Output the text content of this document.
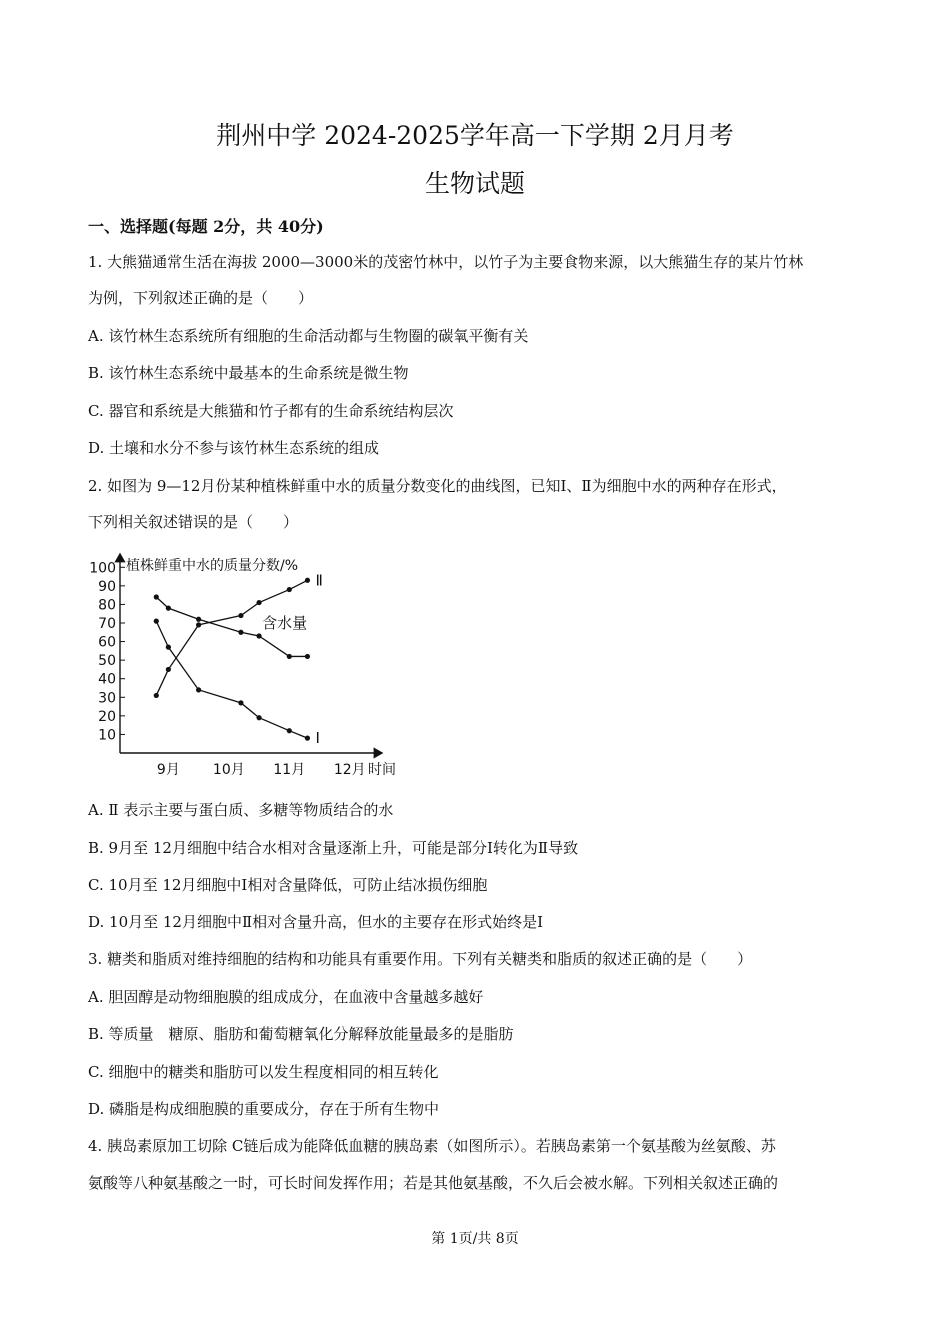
荆州中学 2024-2025学年高一下学期 2月月考
生物试题
一、选择题(每题 2分，共 40分)
1. 大熊猫通常生活在海拔 2000—3000米的茂密竹林中，以竹子为主要食物来源，以大熊猫生存的某片竹林
为例，下列叙述正确的是（　　）
A. 该竹林生态系统所有细胞的生命活动都与生物圈的碳氧平衡有关
B. 该竹林生态系统中最基本的生命系统是微生物
C. 器官和系统是大熊猫和竹子都有的生命系统结构层次
D. 土壤和水分不参与该竹林生态系统的组成
2. 如图为 9—12月份某种植株鲜重中水的质量分数变化的曲线图，已知Ⅰ、Ⅱ为细胞中水的两种存在形式，
下列相关叙述错误的是（　　）
植株鲜重中水的质量分数/%
时间
10
20
30
40
50
60
70
80
90
100
9月 10月 11月 12月
含水量
Ⅱ
Ⅰ
A. Ⅱ 表示主要与蛋白质、多糖等物质结合的水
B. 9月至 12月细胞中结合水相对含量逐渐上升，可能是部分Ⅰ转化为Ⅱ导致
C. 10月至 12月细胞中Ⅰ相对含量降低，可防止结冰损伤细胞
D. 10月至 12月细胞中Ⅱ相对含量升高，但水的主要存在形式始终是Ⅰ
3. 糖类和脂质对维持细胞的结构和功能具有重要作用。下列有关糖类和脂质的叙述正确的是（　　）
A. 胆固醇是动物细胞膜的组成成分，在血液中含量越多越好
B. 等质量　糖原、脂肪和葡萄糖氧化分解释放能量最多的是脂肪
C. 细胞中的糖类和脂肪可以发生程度相同的相互转化
D. 磷脂是构成细胞膜的重要成分，存在于所有生物中
4. 胰岛素原加工切除 C链后成为能降低血糖的胰岛素（如图所示）。若胰岛素第一个氨基酸为丝氨酸、苏
氨酸等八种氨基酸之一时，可长时间发挥作用；若是其他氨基酸，不久后会被水解。下列相关叙述正确的
第 1页/共 8页
